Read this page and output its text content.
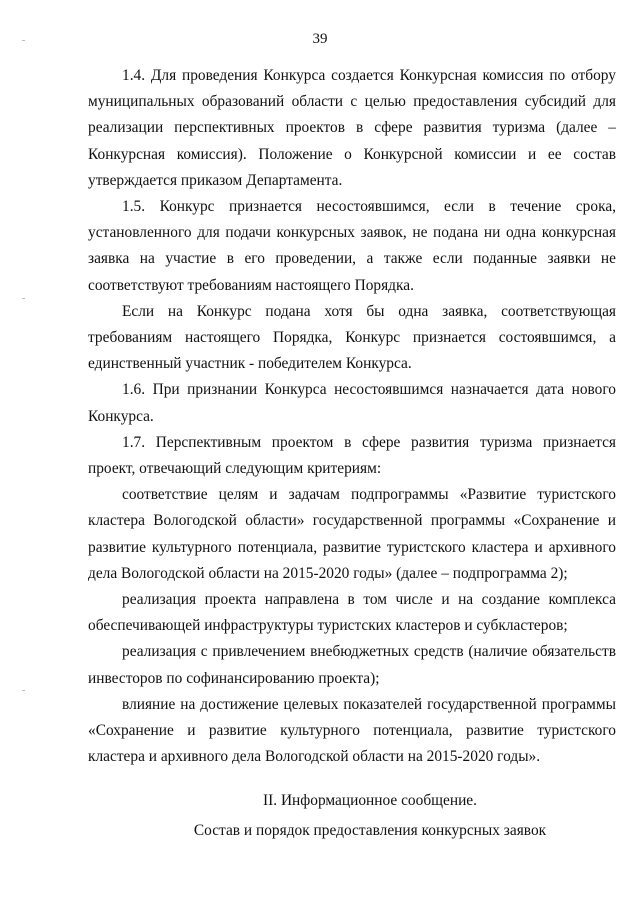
39

1.4. Для проведения Конкурса создается Конкурсная комиссия по отбору муниципальных образований области с целью предоставления субсидий для реализации перспективных проектов в сфере развития туризма (далее – Конкурсная комиссия). Положение о Конкурсной комиссии и ее состав утверждается приказом Департамента.

1.5. Конкурс признается несостоявшимся, если в течение срока, установленного для подачи конкурсных заявок, не подана ни одна конкурсная заявка на участие в его проведении, а также если поданные заявки не соответствуют требованиям настоящего Порядка.

Если на Конкурс подана хотя бы одна заявка, соответствующая требованиям настоящего Порядка, Конкурс признается состоявшимся, а единственный участник - победителем Конкурса.

1.6. При признании Конкурса несостоявшимся назначается дата нового Конкурса.

1.7. Перспективным проектом в сфере развития туризма признается проект, отвечающий следующим критериям:

соответствие целям и задачам подпрограммы «Развитие туристского кластера Вологодской области» государственной программы «Сохранение и развитие культурного потенциала, развитие туристского кластера и архивного дела Вологодской области на 2015-2020 годы» (далее – подпрограмма 2);

реализация проекта направлена в том числе и на создание комплекса обеспечивающей инфраструктуры туристских кластеров и субкластеров;

реализация с привлечением внебюджетных средств (наличие обязательств инвесторов по софинансированию проекта);

влияние на достижение целевых показателей государственной программы «Сохранение и развитие культурного потенциала, развитие туристского кластера и архивного дела Вологодской области на 2015-2020 годы».

II. Информационное сообщение.
Состав и порядок предоставления конкурсных заявок
